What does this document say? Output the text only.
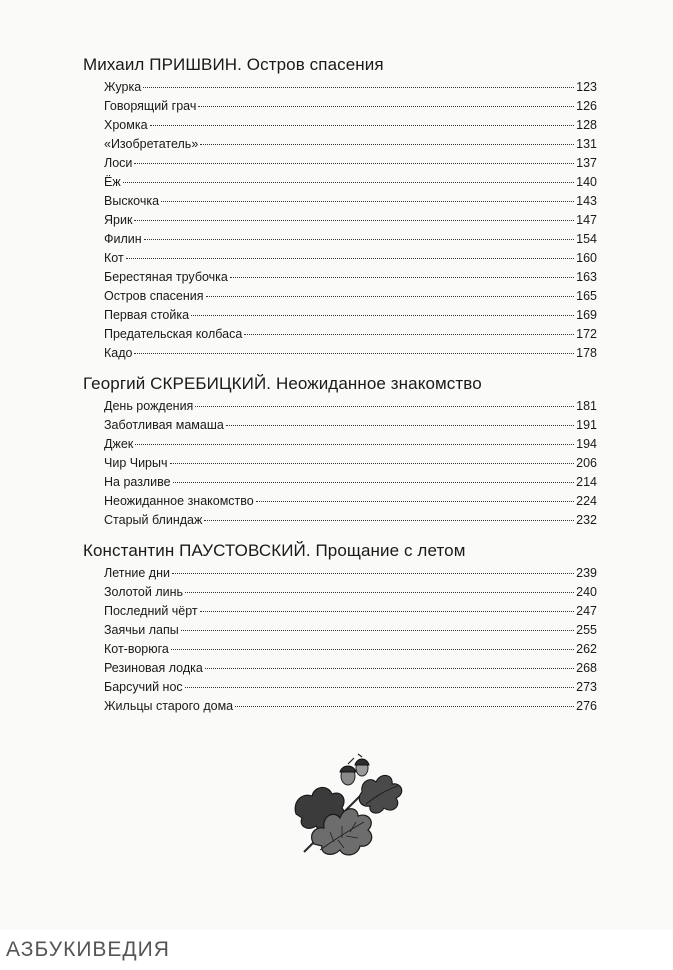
Михаил ПРИШВИН. Остров спасения
Журка	123
Говорящий грач	126
Хромка	128
«Изобретатель»	131
Лоси	137
Ёж	140
Выскочка	143
Ярик	147
Филин	154
Кот	160
Берестяная трубочка	163
Остров спасения	165
Первая стойка	169
Предательская колбаса	172
Кадо	178
Георгий СКРЕБИЦКИЙ. Неожиданное знакомство
День рождения	181
Заботливая мамаша	191
Джек	194
Чир Чирыч	206
На разливе	214
Неожиданное знакомство	224
Старый блиндаж	232
Константин ПАУСТОВСКИЙ. Прощание с летом
Летние дни	239
Золотой линь	240
Последний чёрт	247
Заячьи лапы	255
Кот-ворюга	262
Резиновая лодка	268
Барсучий нос	273
Жильцы старого дома	276
АЗБУКИВЕДИЯ
